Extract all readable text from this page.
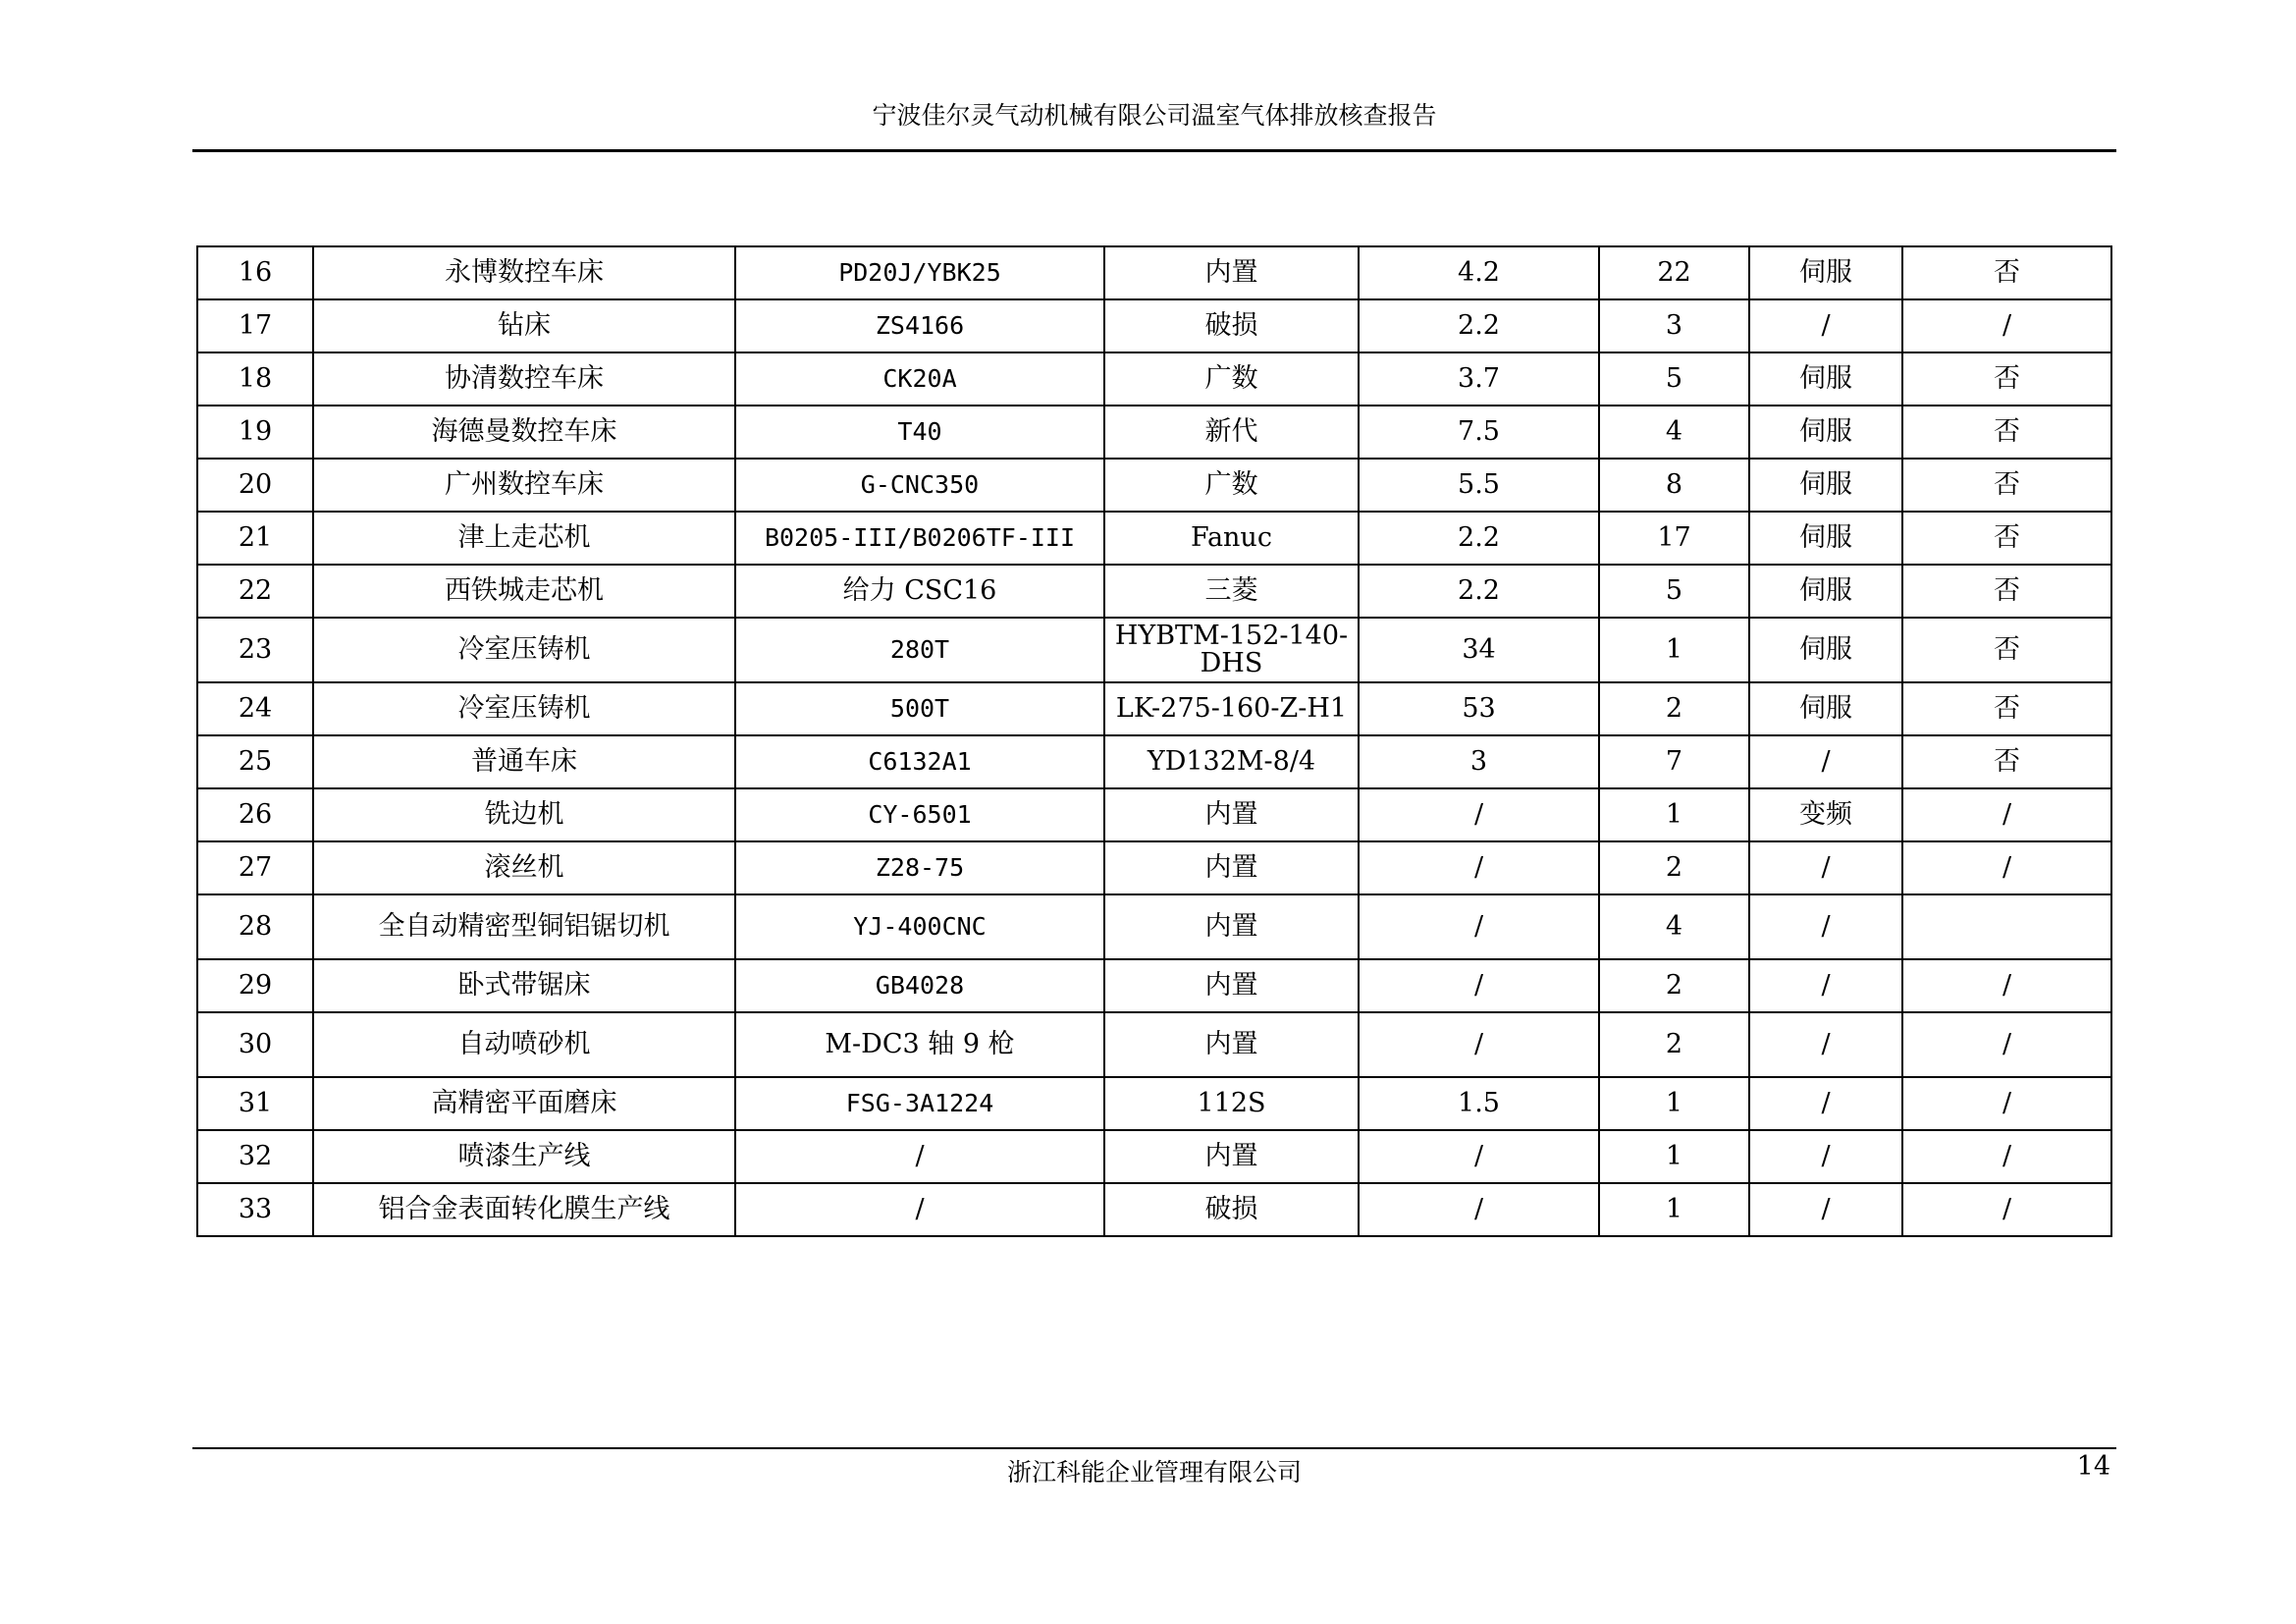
宁波佳尔灵气动机械有限公司温室气体排放核查报告
16	永博数控车床	PD20J/YBK25	内置	4.2	22	伺服	否
17	钻床	ZS4166	破损	2.2	3	/	/
18	协清数控车床	CK20A	广数	3.7	5	伺服	否
19	海德曼数控车床	T40	新代	7.5	4	伺服	否
20	广州数控车床	G-CNC350	广数	5.5	8	伺服	否
21	津上走芯机	B0205-III/B0206TF-III	Fanuc	2.2	17	伺服	否
22	西铁城走芯机	给力 CSC16	三菱	2.2	5	伺服	否
23	冷室压铸机	280T	HYBTM-152-140-DHS	34	1	伺服	否
24	冷室压铸机	500T	LK-275-160-Z-H1	53	2	伺服	否
25	普通车床	C6132A1	YD132M-8/4	3	7	/	否
26	铣边机	CY-6501	内置	/	1	变频	/
27	滚丝机	Z28-75	内置	/	2	/	/
28	全自动精密型铜铝锯切机	YJ-400CNC	内置	/	4	/	
29	卧式带锯床	GB4028	内置	/	2	/	/
30	自动喷砂机	M-DC3 轴 9 枪	内置	/	2	/	/
31	高精密平面磨床	FSG-3A1224	112S	1.5	1	/	/
32	喷漆生产线	/	内置	/	1	/	/
33	铝合金表面转化膜生产线	/	破损	/	1	/	/
浙江科能企业管理有限公司	14
